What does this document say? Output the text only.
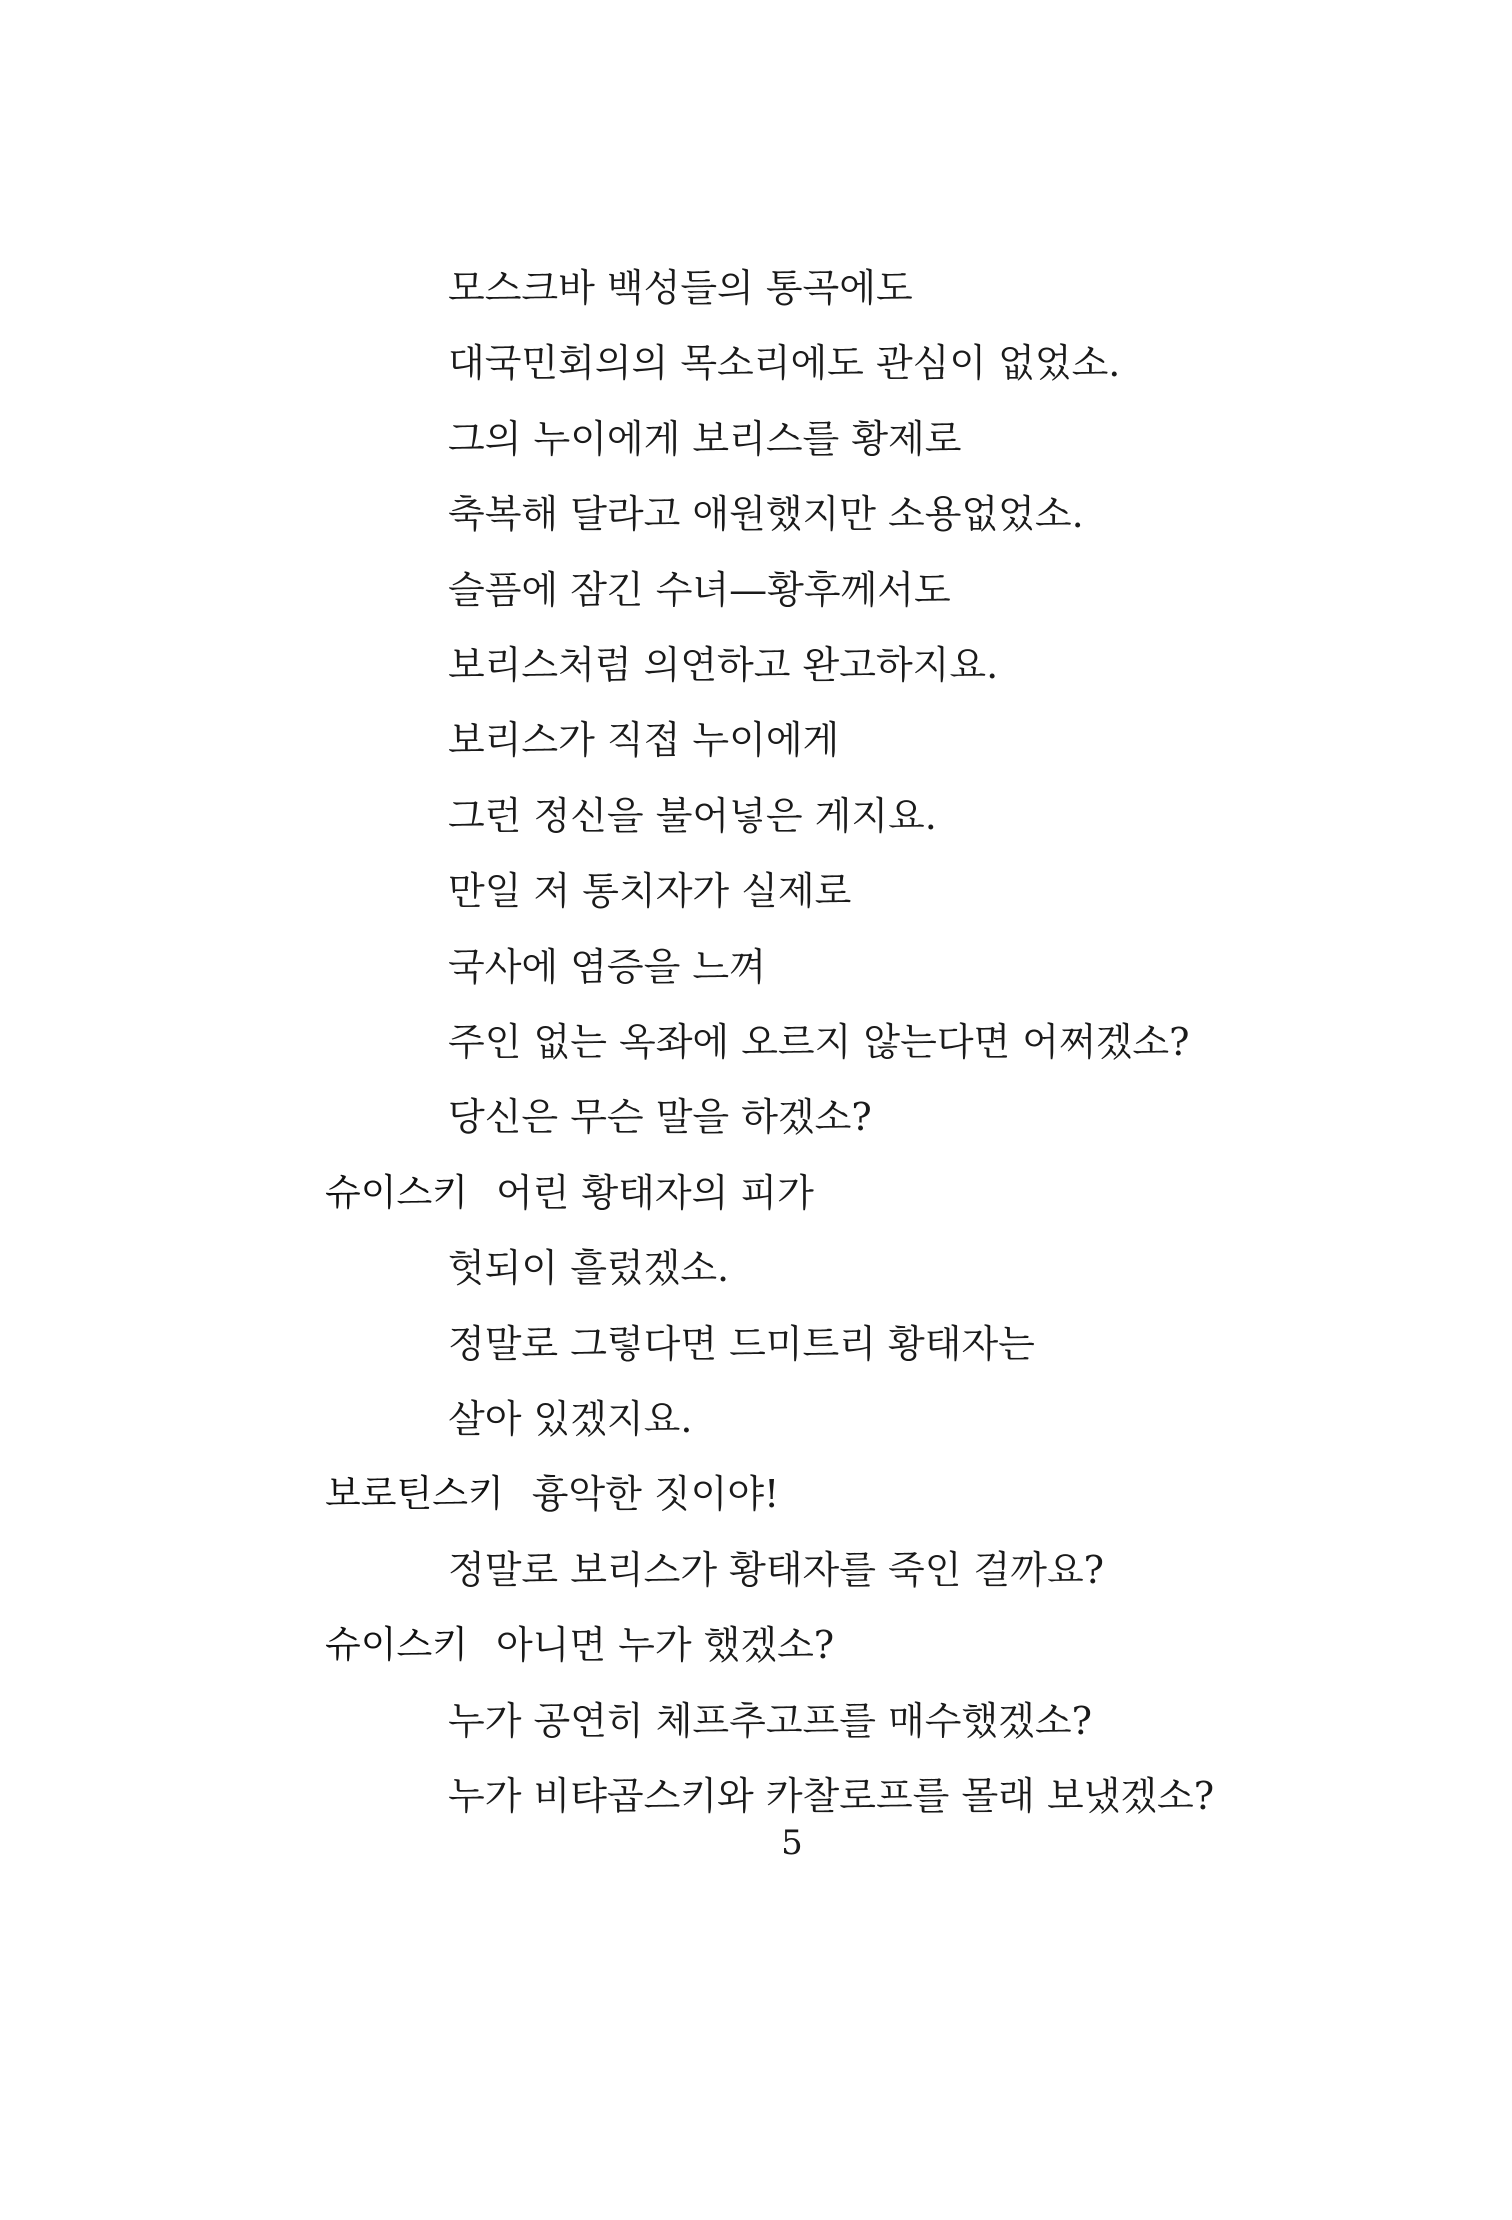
모스크바 백성들의 통곡에도
대국민회의의 목소리에도 관심이 없었소.
그의 누이에게 보리스를 황제로
축복해 달라고 애원했지만 소용없었소.
슬픔에 잠긴 수녀—황후께서도
보리스처럼 의연하고 완고하지요.
보리스가 직접 누이에게
그런 정신을 불어넣은 게지요.
만일 저 통치자가 실제로
국사에 염증을 느껴
주인 없는 옥좌에 오르지 않는다면 어쩌겠소?
당신은 무슨 말을 하겠소?
슈이스키 어린 황태자의 피가
헛되이 흘렀겠소.
정말로 그렇다면 드미트리 황태자는
살아 있겠지요.
보로틴스키 흉악한 짓이야!
정말로 보리스가 황태자를 죽인 걸까요?
슈이스키 아니면 누가 했겠소?
누가 공연히 체프추고프를 매수했겠소?
누가 비탸곱스키와 카찰로프를 몰래 보냈겠소?
5
